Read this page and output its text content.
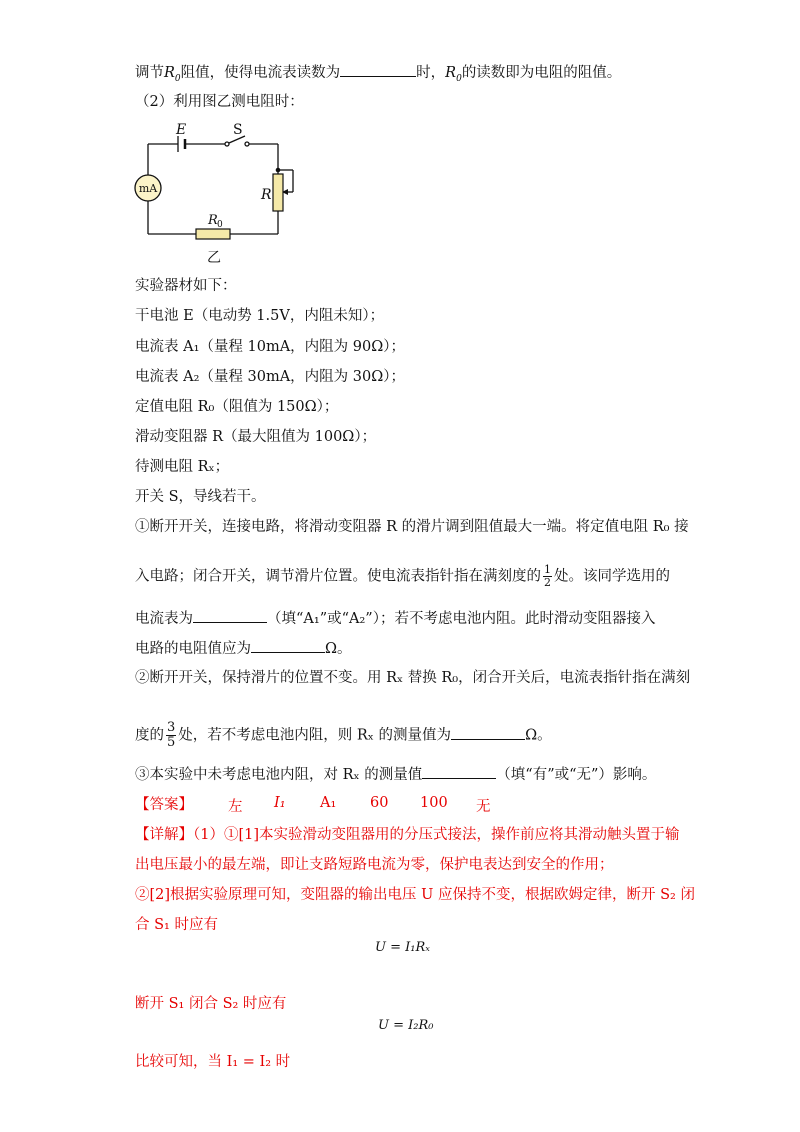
调节$R_0$阻值，使得电流表读数为	时，$R_0$的读数即为电阻的阻值。
（2）利用图乙测电阻时：
mA
E	S
R
R 0
乙
实验器材如下：
干电池 E（电动势 1.5V，内阻未知）；
电流表 A₁（量程 10mA，内阻为 90Ω）；
电流表 A₂（量程 30mA，内阻为 30Ω）；
定值电阻 R₀（阻值为 150Ω）；
滑动变阻器 R（最大阻值为 100Ω）；
待测电阻 Rₓ；
开关 S，导线若干。
①断开开关，连接电路，将滑动变阻器 R 的滑片调到阻值最大一端。将定值电阻 R₀ 接
入电路；闭合开关，调节滑片位置。使电流表指针指在满刻度的 $\frac{1}{2}$ 处。该同学选用的
电流表为	（填“A₁”或“A₂”）；若不考虑电池内阻。此时滑动变阻器接入
电路的电阻值应为	Ω。
②断开开关，保持滑片的位置不变。用 Rₓ 替换 R₀，闭合开关后，电流表指针指在满刻
度的 $\frac{3}{5}$ 处，若不考虑电池内阻，则 Rₓ 的测量值为	Ω。
③本实验中未考虑电池内阻，对 Rₓ 的测量值	（填“有”或“无”）影响。
【答案】 左 I₁ A₁ 60 100 无
【详解】（1）①[1]本实验滑动变阻器用的分压式接法，操作前应将其滑动触头置于输
出电压最小的最左端，即让支路短路电流为零，保护电表达到安全的作用；
②[2]根据实验原理可知，变阻器的输出电压 U 应保持不变，根据欧姆定律，断开 S₂ 闭
合 S₁ 时应有
U = I₁Rₓ
断开 S₁ 闭合 S₂ 时应有
U = I₂R₀
比较可知，当 I₁ = I₂ 时
